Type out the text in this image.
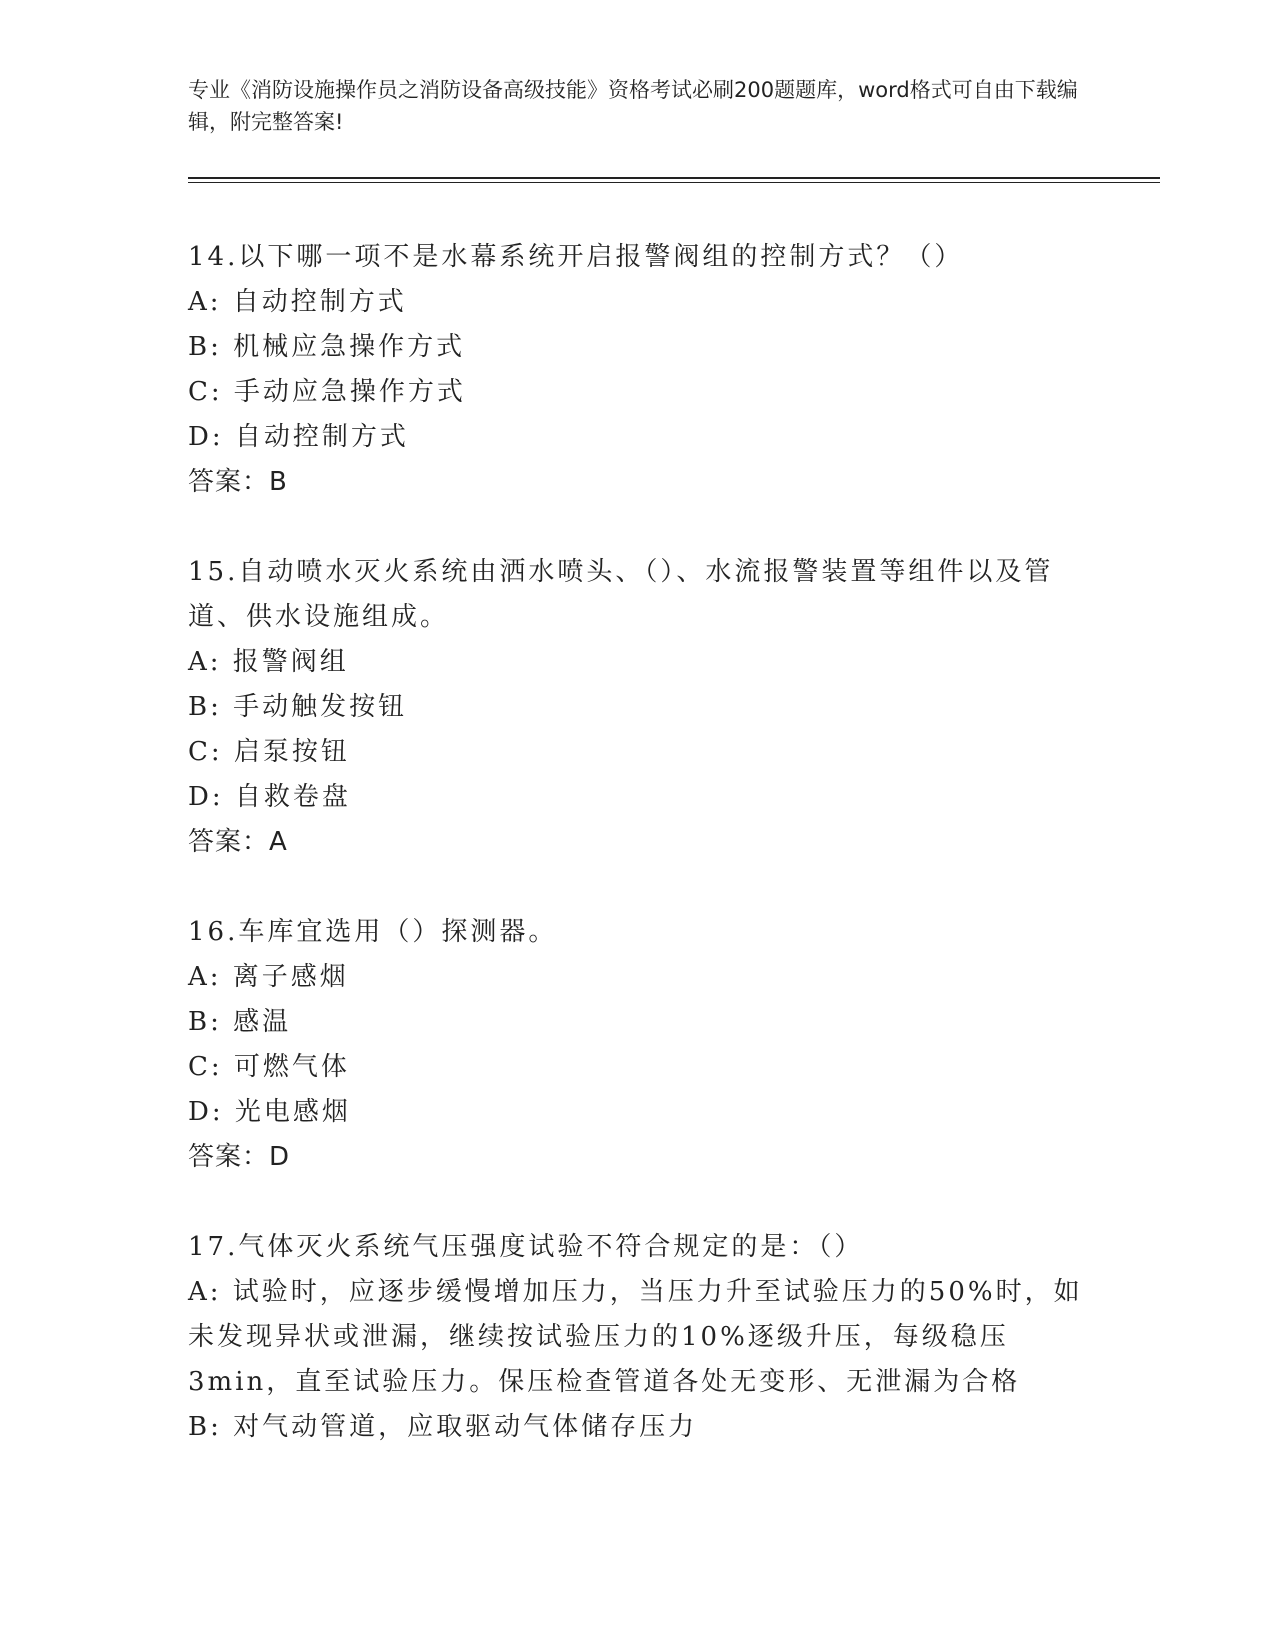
专业《消防设施操作员之消防设备高级技能》资格考试必刷200题题库，word格式可自由下载编辑，附完整答案!
14.以下哪一项不是水幕系统开启报警阀组的控制方式？（）
A: 自动控制方式
B: 机械应急操作方式
C: 手动应急操作方式
D: 自动控制方式
答案：B
15.自动喷水灭火系统由洒水喷头、（）、水流报警装置等组件以及管道、供水设施组成。
A: 报警阀组
B: 手动触发按钮
C: 启泵按钮
D: 自救卷盘
答案：A
16.车库宜选用（）探测器。
A: 离子感烟
B: 感温
C: 可燃气体
D: 光电感烟
答案：D
17.气体灭火系统气压强度试验不符合规定的是：（）
A: 试验时，应逐步缓慢增加压力，当压力升至试验压力的50%时，如未发现异状或泄漏，继续按试验压力的10%逐级升压，每级稳压3min，直至试验压力。保压检查管道各处无变形、无泄漏为合格
B: 对气动管道，应取驱动气体储存压力
